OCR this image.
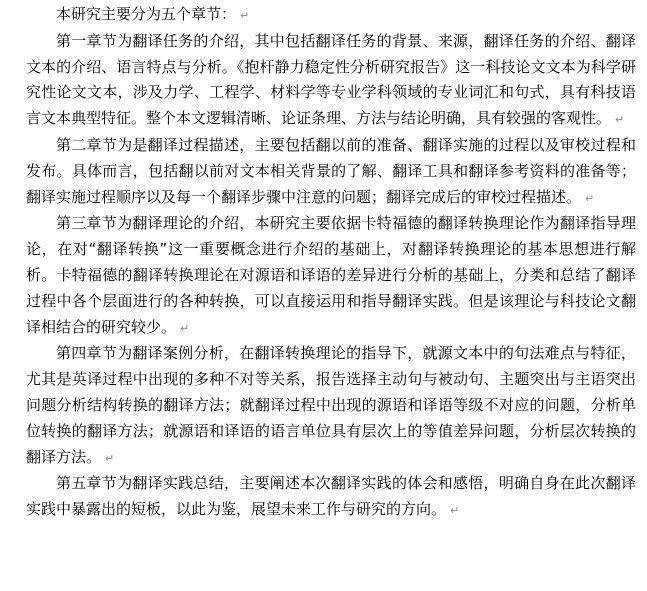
本研究主要分为五个章节： ↵

第一章节为翻译任务的介绍，其中包括翻译任务的背景、来源，翻译任务的介绍、翻译文本的介绍、语言特点与分析。《抱杆静力稳定性分析研究报告》这一科技论文文本为科学研究性论文文本，涉及力学、工程学、材料学等专业学科领域的专业词汇和句式，具有科技语言文本典型特征。整个本文逻辑清晰、论证条理、方法与结论明确，具有较强的客观性。 ↵

第二章节为是翻译过程描述，主要包括翻以前的准备、翻译实施的过程以及审校过程和发布。具体而言，包括翻以前对文本相关背景的了解、翻译工具和翻译参考资料的准备等；翻译实施过程顺序以及每一个翻译步骤中注意的问题；翻译完成后的审校过程描述。 ↵

第三章节为翻译理论的介绍，本研究主要依据卡特福德的翻译转换理论作为翻译指导理论，在对“翻译转换”这一重要概念进行介绍的基础上，对翻译转换理论的基本思想进行解析。卡特福德的翻译转换理论在对源语和译语的差异进行分析的基础上，分类和总结了翻译过程中各个层面进行的各种转换，可以直接运用和指导翻译实践。但是该理论与科技论文翻译相结合的研究较少。 ↵

第四章节为翻译案例分析，在翻译转换理论的指导下，就源文本中的句法难点与特征，尤其是英译过程中出现的多种不对等关系，报告选择主动句与被动句、主题突出与主语突出问题分析结构转换的翻译方法；就翻译过程中出现的源语和译语等级不对应的问题，分析单位转换的翻译方法；就源语和译语的语言单位具有层次上的等值差异问题，分析层次转换的翻译方法。 ↵

第五章节为翻译实践总结，主要阐述本次翻译实践的体会和感悟，明确自身在此次翻译实践中暴露出的短板，以此为鉴，展望未来工作与研究的方向。 ↵
